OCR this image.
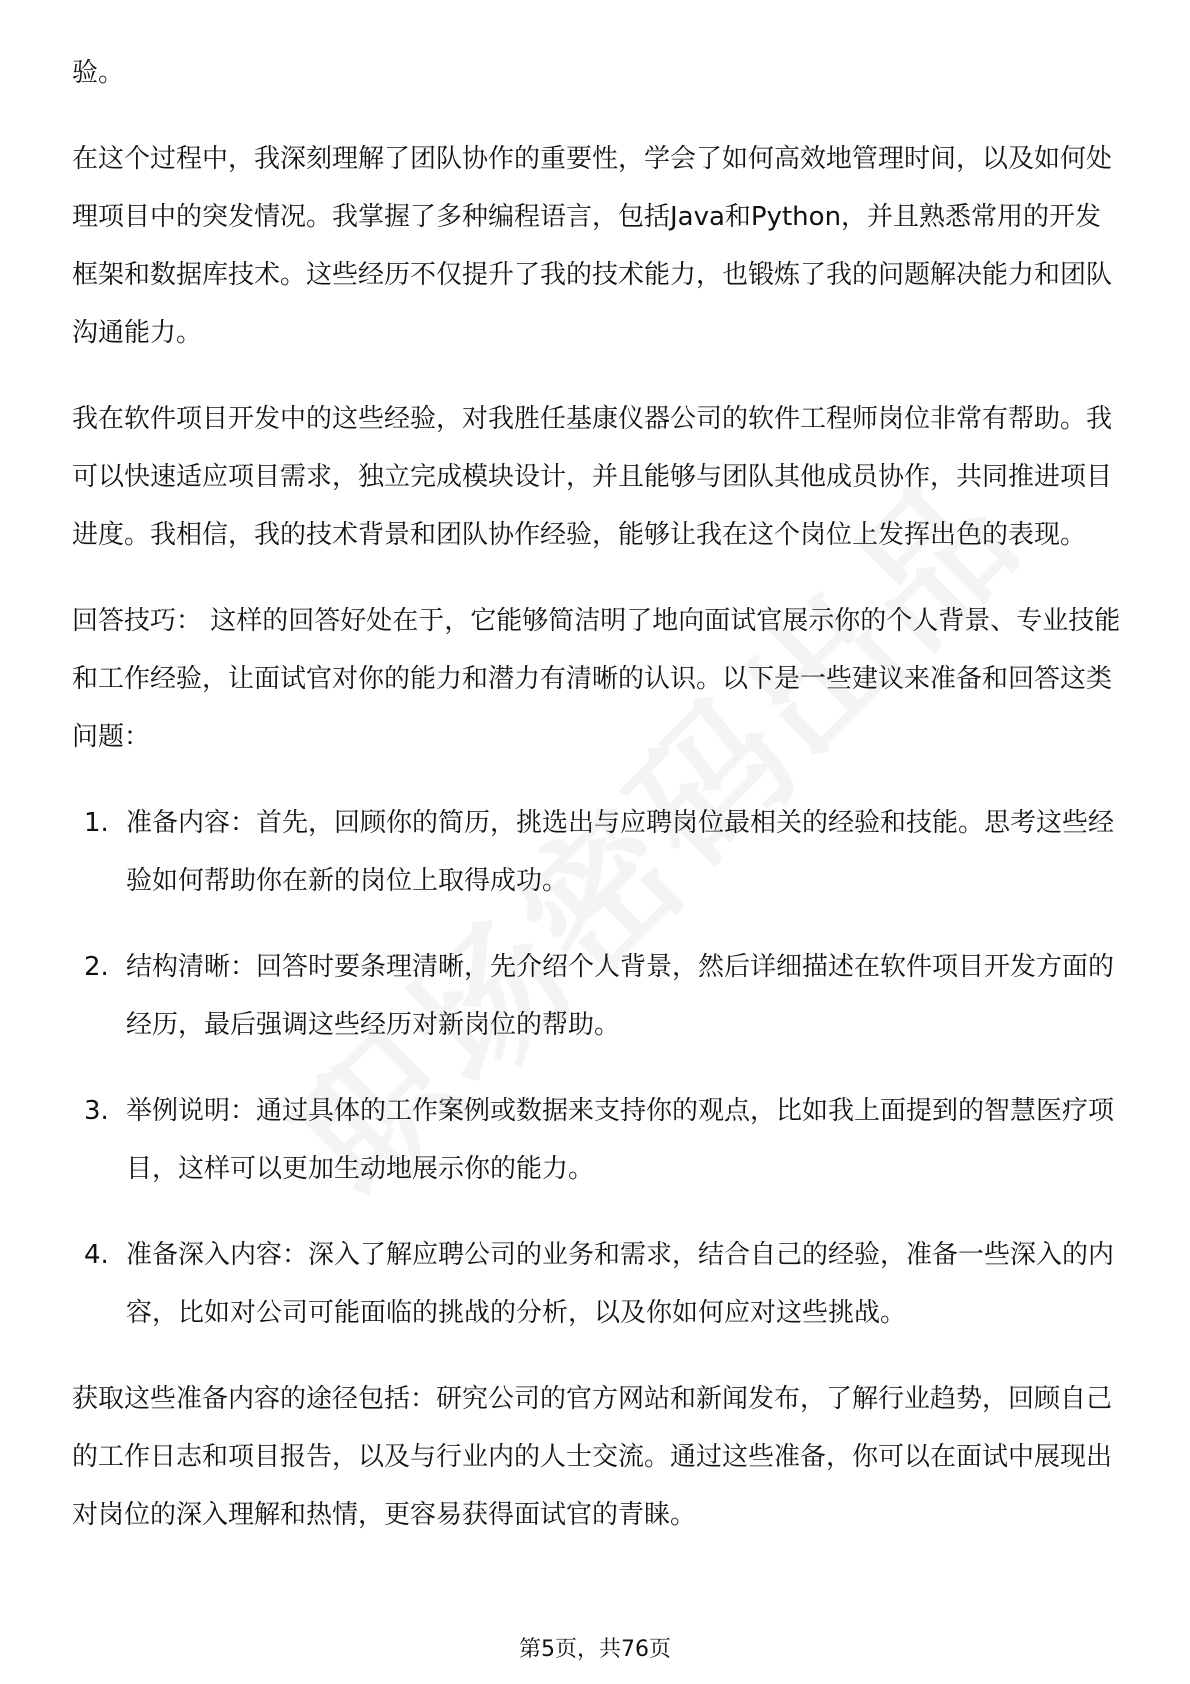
验。

在这个过程中，我深刻理解了团队协作的重要性，学会了如何高效地管理时间，以及如何处理项目中的突发情况。我掌握了多种编程语言，包括Java和Python，并且熟悉常用的开发框架和数据库技术。这些经历不仅提升了我的技术能力，也锻炼了我的问题解决能力和团队沟通能力。

我在软件项目开发中的这些经验，对我胜任基康仪器公司的软件工程师岗位非常有帮助。我可以快速适应项目需求，独立完成模块设计，并且能够与团队其他成员协作，共同推进项目进度。我相信，我的技术背景和团队协作经验，能够让我在这个岗位上发挥出色的表现。

回答技巧： 这样的回答好处在于，它能够简洁明了地向面试官展示你的个人背景、专业技能和工作经验，让面试官对你的能力和潜力有清晰的认识。以下是一些建议来准备和回答这类问题：

1. 准备内容：首先，回顾你的简历，挑选出与应聘岗位最相关的经验和技能。思考这些经验如何帮助你在新的岗位上取得成功。
2. 结构清晰：回答时要条理清晰，先介绍个人背景，然后详细描述在软件项目开发方面的经历，最后强调这些经历对新岗位的帮助。
3. 举例说明：通过具体的工作案例或数据来支持你的观点，比如我上面提到的智慧医疗项目，这样可以更加生动地展示你的能力。
4. 准备深入内容：深入了解应聘公司的业务和需求，结合自己的经验，准备一些深入的内容，比如对公司可能面临的挑战的分析，以及你如何应对这些挑战。

获取这些准备内容的途径包括：研究公司的官方网站和新闻发布，了解行业趋势，回顾自己的工作日志和项目报告，以及与行业内的人士交流。通过这些准备，你可以在面试中展现出对岗位的深入理解和热情，更容易获得面试官的青睐。

第5页，共76页
